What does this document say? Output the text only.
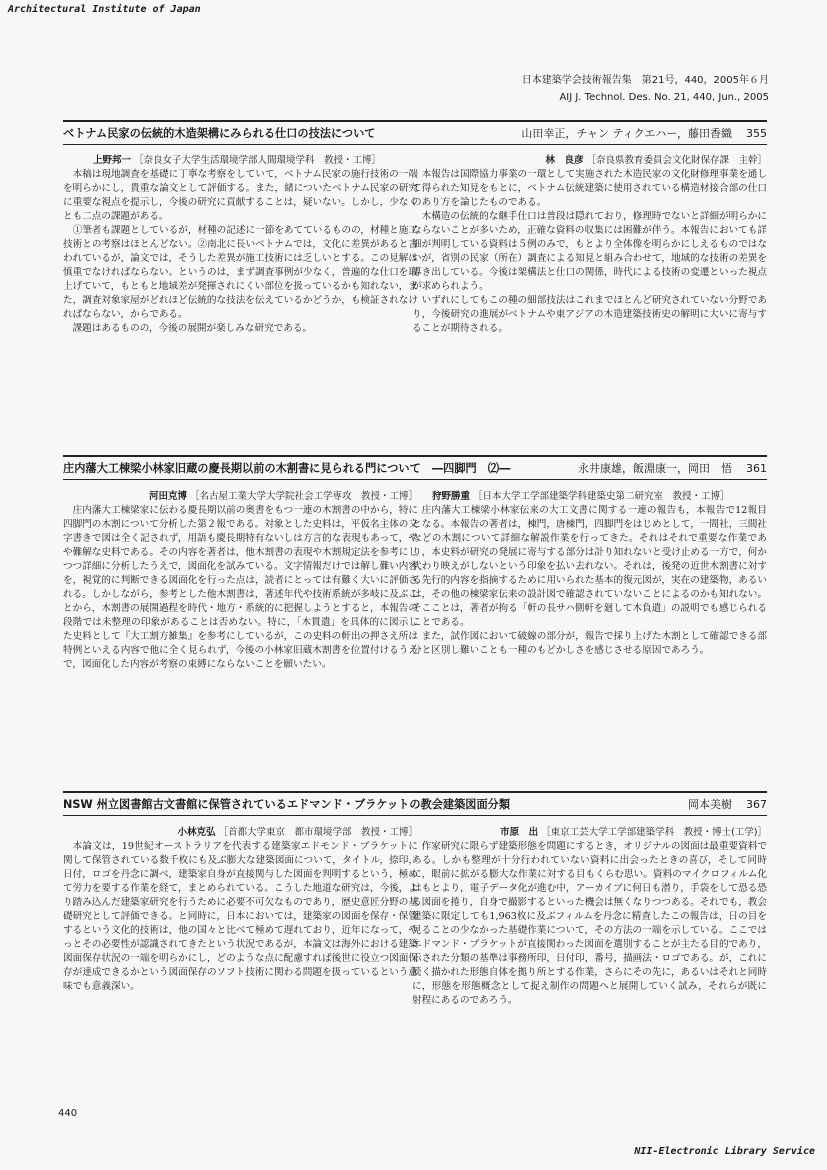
Architectural Institute of Japan
日本建築学会技術報告集　第21号，440，2005年６月
AIJ J. Technol. Des. No. 21, 440, Jun., 2005
ベトナム民家の伝統的木造架構にみられる仕口の技法について	山田幸正，チャン ティクエハー，藤田香織 355
上野邦一 ［奈良女子大学生活環境学部人間環境学科　教授・工博］

本稿は現地調査を基礎に丁寧な考察をしていて，ベトナム民家の施行技術の一端を明らかにし，貴重な論文として評価する。また，緒についたベトナム民家の研究に重要な視点を提示し，今後の研究に貢献することは，疑いない。しかし，少なくとも二点の課題がある。

①筆者も課題としているが，材種の記述に一節をあてているものの，材種と施工技術との考察はほとんどない。②南北に長いベトナムでは，文化に差異があると言われているが，論文では，そうした差異が施工技術には乏しいとする。この見解は慎重でなければならない。というのは，まず調査事例が少なく，普遍的な仕口を取上げていて，もともと地域差が発揮されにくい部位を扱っているかも知れない，また，調査対象家屋がどれほど伝統的な技法を伝えているかどうか，も検証されなければならない，からである。

課題はあるものの，今後の展開が楽しみな研究である。

林　良彦 ［奈良県教育委員会文化財保存課　主幹］

本報告は国際協力事業の一環として実施された木造民家の文化財修理事業を通して得られた知見をもとに，ベトナム伝統建築に使用されている構造材接合部の仕口のあり方を論じたものである。

木構造の伝統的な継手仕口は普段は隠れており，修理時でないと詳細が明らかにならないことが多いため，正確な資料の収集には困難が伴う。本報告においても詳細が判明している資料は５例のみで，もとより全体像を明らかにしえるものではないが，省別の民家（所在）調査による知見と組み合わせて，地域的な技術の差異を導き出している。今後は架構法と仕口の関係，時代による技術の変遷といった視点が求められよう。

いずれにしてもこの種の細部技法はこれまでほとんど研究されていない分野であり，今後研究の進展がベトナムや東アジアの木造建築技術史の解明に大いに寄与することが期待される。

庄内藩大工棟梁小林家旧蔵の慶長期以前の木割書に見られる門について　―四脚門　⑵―	永井康雄，飯淵康一，岡田　悟 361
河田克博 ［名古屋工業大学大学院社会工学専攻　教授・工博］

庄内藩大工棟梁家に伝わる慶長期以前の奥書をもつ一連の木割書の中から，特に四脚門の木割について分析した第２報である。対象とした史料は，平仮名主体の文字書きで図は全く記されず，用語も慶長期特有ないしは方言的な表現もあって，やや難解な史料である。その内容を著者は，他木割書の表現や木割規定法を参考にしつつ詳細に分析したうえで，図面化を試みている。文字情報だけでは解し難い内容を，視覚的に判断できる図面化を行った点は，読者にとっては有難く大いに評価される。しかしながら，参考とした他木割書は，著述年代や技術系統が多岐に及ぶことから，木割書の展開過程を時代・地方・系統的に把握しようとすると，本報告の段階では未整理の印象があることは否めない。特に，「木貫遣」を具体的に図示した史料として『大工割方雑集』を参考にしているが，この史料の軒出の押さえ所は特例といえる内容で他に全く見られず，今後の小林家旧蔵木割書を位置付けるうえで，図面化した内容が考察の束縛にならないことを願いたい。

狩野勝重 ［日本大学工学部建築学科建築史第二研究室　教授・工博］

庄内藩大工棟梁小林家伝来の大工文書に関する一連の報告も，本報告で12報目となる。本報告の著者は，棟門，唐棟門，四脚門をはじめとして，一間社，三間社などの木割について詳細な解説作業を行ってきた。それはそれで重要な作業であり，本史料が研究の発展に寄与する部分は計り知れないと受け止める一方で，何か代わり映えがしないという印象を払い去れない。それは，後発の近世木割書に対する先行的内容を指摘するために用いられた基本的復元図が，実在の建築物，あるいは，その他の棟梁家伝来の設計図で確認されていないことによるのかも知れない。そこことは，著者が拘る「軒の長サハ側軒を廻して木負遣」の説明でも感じられることである。

また，試作図において破線の部分が，報告で採り上げた木割として確認できる部分と区別し難いことも一種のもどかしさを感じさせる原因であろう。

NSW 州立図書館古文書館に保管されているエドマンド・ブラケットの教会建築図面分類	岡本美樹 367
小林克弘 ［首都大学東京　都市環境学部　教授・工博］

本論文は，19世紀オーストラリアを代表する建築家エドモンド・ブラケットに関して保管されている数千枚にも及ぶ膨大な建築図面について，タイトル，捺印，日付，ロゴを丹念に調べ，建築家自身が直接関与した図面を判明するという，極めて労力を要する作業を経て，まとめられている。こうした地道な研究は，今後，より踏み込んだ建築家研究を行うために必要不可欠なものであり，歴史意匠分野の基礎研究として評価できる。と同時に，日本においては，建築家の図面を保存・保管するという文化的技術は，他の国々と比べて極めて遅れており，近年になって，やっとその必要性が認識されてきたという状況であるが，本論文は海外における建築図面保存状況の一端を明らかにし，どのような点に配慮すれば後世に役立つ図面保存が達成できるかという図面保存のソフト技術に関わる問題を扱っているという意味でも意義深い。

市原　出 ［東京工芸大学工学部建築学科　教授・博士(工学)］

作家研究に限らず建築形態を問題にするとき，オリジナルの図面は最重要資料である。しかも整理が十分行われていない資料に出会ったときの喜び，そして同時に，眼前に拡がる膨大な作業に対する目もくらむ思い。資料のマイクロフィルム化はもとより，電子データ化が進む中，アーカイブに何日も潜り，手袋をして恐る恐る図面を捲り，自身で撮影するといった機会は無くなりつつある。それでも，教会建築に限定しても1,963枚に及ぶフィルムを丹念に精査したこの報告は，日の目を見ることの少なかった基礎作業について，その方法の一端を示している。ここではエドマンド・ブラケットが直接関わった図面を選別することが主たる目的であり，示された分類の基準は事務所印，日付印，番号，描画法・ロゴである。が，これに続く描かれた形態自体を拠り所とする作業，さらにその先に，あるいはそれと同時に，形態を形態概念として捉え制作の問題へと展開していく試み，それらが既に射程にあるのであろう。

440
NII-Electronic Library Service
